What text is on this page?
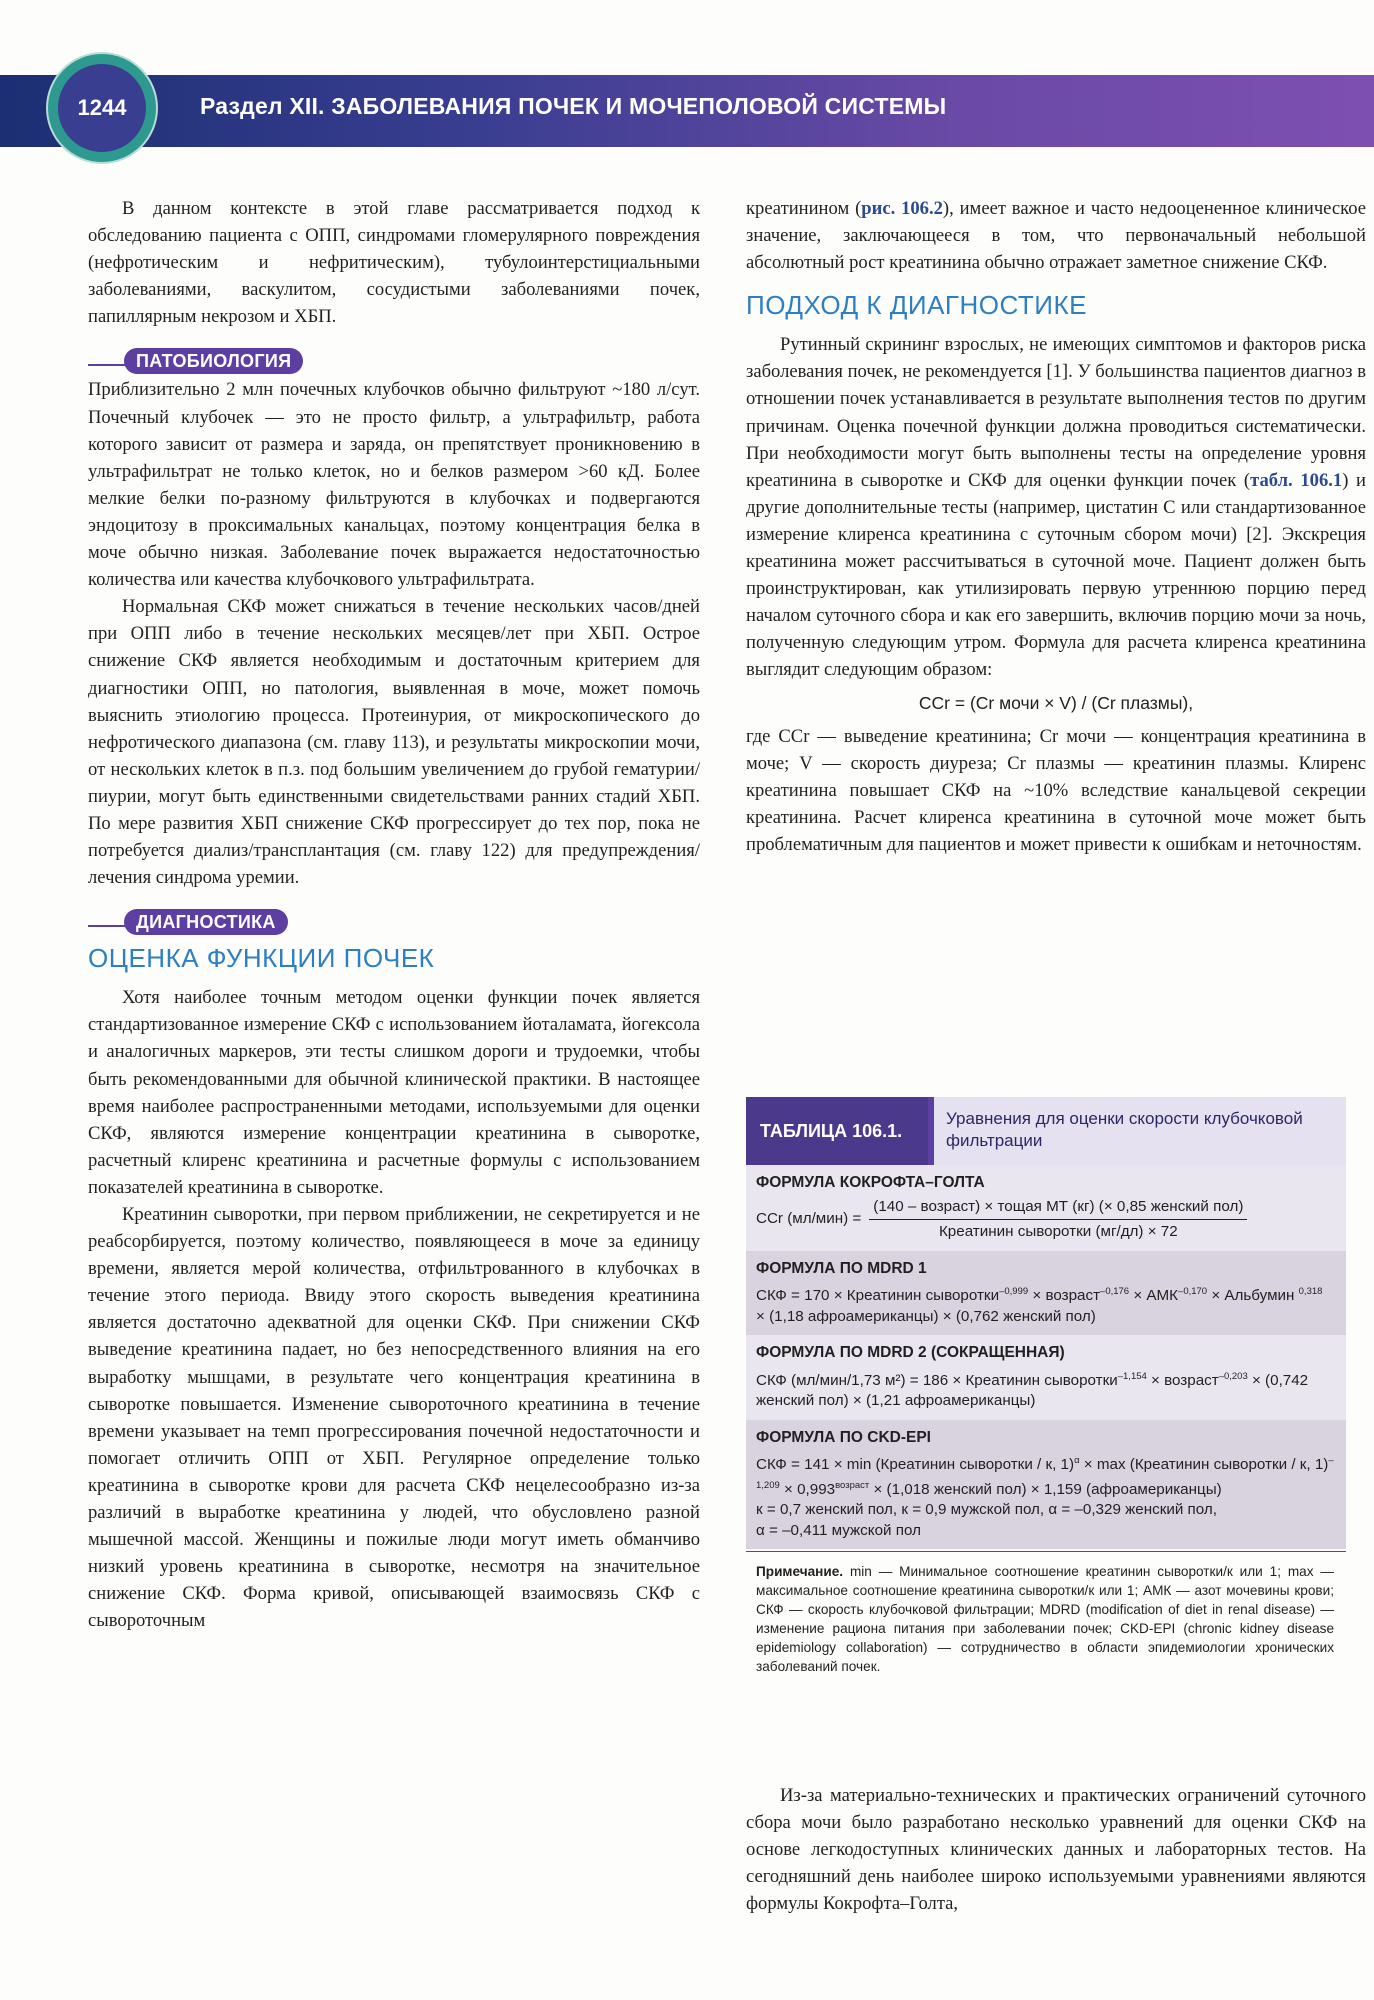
1244	Раздел XII. ЗАБОЛЕВАНИЯ ПОЧЕК И МОЧЕПОЛОВОЙ СИСТЕМЫ

В данном контексте в этой главе рассматривается подход к обследованию пациента с ОПП, синдромами гломерулярного повреждения (нефротическим и нефритическим), тубулоинтерстициальными заболеваниями, васкулитом, сосудистыми заболеваниями почек, папиллярным некрозом и ХБП.

ПАТОБИОЛОГИЯ

Приблизительно 2 млн почечных клубочков обычно фильтруют ~180 л/сут. Почечный клубочек — это не просто фильтр, а ультрафильтр, работа которого зависит от размера и заряда, он препятствует проникновению в ультрафильтрат не только клеток, но и белков размером >60 кД. Более мелкие белки по-разному фильтруются в клубочках и подвергаются эндоцитозу в проксимальных канальцах, поэтому концентрация белка в моче обычно низкая. Заболевание почек выражается недостаточностью количества или качества клубочкового ультрафильтрата.

Нормальная СКФ может снижаться в течение нескольких часов/дней при ОПП либо в течение нескольких месяцев/лет при ХБП. Острое снижение СКФ является необходимым и достаточным критерием для диагностики ОПП, но патология, выявленная в моче, может помочь выяснить этиологию процесса. Протеинурия, от микроскопического до нефротического диапазона (см. главу 113), и результаты микроскопии мочи, от нескольких клеток в п.з. под большим увеличением до грубой гематурии/пиурии, могут быть единственными свидетельствами ранних стадий ХБП. По мере развития ХБП снижение СКФ прогрессирует до тех пор, пока не потребуется диализ/трансплантация (см. главу 122) для предупреждения/лечения синдрома уремии.

ДИАГНОСТИКА
ОЦЕНКА ФУНКЦИИ ПОЧЕК

Хотя наиболее точным методом оценки функции почек является стандартизованное измерение СКФ с использованием йоталамата, йогексола и аналогичных маркеров, эти тесты слишком дороги и трудоемки, чтобы быть рекомендованными для обычной клинической практики. В настоящее время наиболее распространенными методами, используемыми для оценки СКФ, являются измерение концентрации креатинина в сыворотке, расчетный клиренс креатинина и расчетные формулы с использованием показателей креатинина в сыворотке.

Креатинин сыворотки, при первом приближении, не секретируется и не реабсорбируется, поэтому количество, появляющееся в моче за единицу времени, является мерой количества, отфильтрованного в клубочках в течение этого периода. Ввиду этого скорость выведения креатинина является достаточно адекватной для оценки СКФ. При снижении СКФ выведение креатинина падает, но без непосредственного влияния на его выработку мышцами, в результате чего концентрация креатинина в сыворотке повышается. Изменение сывороточного креатинина в течение времени указывает на темп прогрессирования почечной недостаточности и помогает отличить ОПП от ХБП. Регулярное определение только креатинина в сыворотке крови для расчета СКФ нецелесообразно из-за различий в выработке креатинина у людей, что обусловлено разной мышечной массой. Женщины и пожилые люди могут иметь обманчиво низкий уровень креатинина в сыворотке, несмотря на значительное снижение СКФ. Форма кривой, описывающей взаимосвязь СКФ с сывороточным

креатинином (рис. 106.2), имеет важное и часто недооцененное клиническое значение, заключающееся в том, что первоначальный небольшой абсолютный рост креатинина обычно отражает заметное снижение СКФ.

ПОДХОД К ДИАГНОСТИКЕ

Рутинный скрининг взрослых, не имеющих симптомов и факторов риска заболевания почек, не рекомендуется [1]. У большинства пациентов диагноз в отношении почек устанавливается в результате выполнения тестов по другим причинам. Оценка почечной функции должна проводиться систематически. При необходимости могут быть выполнены тесты на определение уровня креатинина в сыворотке и СКФ для оценки функции почек (табл. 106.1) и другие дополнительные тесты (например, цистатин С или стандартизованное измерение клиренса креатинина с суточным сбором мочи) [2]. Экскреция креатинина может рассчитываться в суточной моче. Пациент должен быть проинструктирован, как утилизировать первую утреннюю порцию перед началом суточного сбора и как его завершить, включив порцию мочи за ночь, полученную следующим утром. Формула для расчета клиренса креатинина выглядит следующим образом:

CCr = (Cr мочи × V) / (Cr плазмы),

где CCr — выведение креатинина; Cr мочи — концентрация креатинина в моче; V — скорость диуреза; Cr плазмы — креатинин плазмы. Клиренс креатинина повышает СКФ на ~10% вследствие канальцевой секреции креатинина. Расчет клиренса креатинина в суточной моче может быть проблематичным для пациентов и может привести к ошибкам и неточностям.

ТАБЛИЦА 106.1.
Уравнения для оценки скорости клубочковой фильтрации
ФОРМУЛА КОКРОФТА–ГОЛТА
CCr $(мл/мин) = \frac{\text{(140 – возраст) × тощая МТ (кг) (× 0,85 женский пол)}}{\text{Креатинин сыворотки (мг/дл) × 72}}$
ФОРМУЛА ПО MDRD 1
СКФ = 170 × Креатинин сыворотки$^{-0,999}$ × возраст$^{-0,176}$ × $АМК^{-0,170}$ × Альбумин $^{0,318}$ × (1,18 афроамериканцы) × (0,762 женский пол)
ФОРМУЛА ПО MDRD 2 (СОКРАЩЕННАЯ)
СКФ (мл/мин/1,73 м²) = 186 × Креатинин сыворотки$^{-1,154}$ × возраст$^{-0,203}$ × (0,742 женский пол) × (1,21 афроамериканцы)
ФОРМУЛА ПО CKD-EPI
СКФ = 141 × min (Креатинин сыворотки / к, 1)$^\alpha$ × max (Креатинин сыворотки / к, $1)^{-1,209} \times 0,993^{возраст} \times (1,018$ женский пол) × 1,159 (афроамериканцы)
к = 0,7 женский пол, к = 0,9 мужской пол, α = –0,329 женский пол,
α = –0,411 мужской пол
Примечание. min — Минимальное соотношение креатинин сыворотки/к или 1; max — максимальное соотношение креатинина сыворотки/к или 1; АМК — азот мочевины крови; СКФ — скорость клубочковой фильтрации; MDRD (modification of diet in renal disease) — изменение рациона питания при заболевании почек; CKD-EPI (chronic kidney disease epidemiology collaboration) — сотрудничество в области эпидемиологии хронических заболеваний почек.

Из-за материально-технических и практических ограничений суточного сбора мочи было разработано несколько уравнений для оценки СКФ на основе легкодоступных клинических данных и лабораторных тестов. На сегодняшний день наиболее широко используемыми уравнениями являются формулы Кокрофта–Голта,
